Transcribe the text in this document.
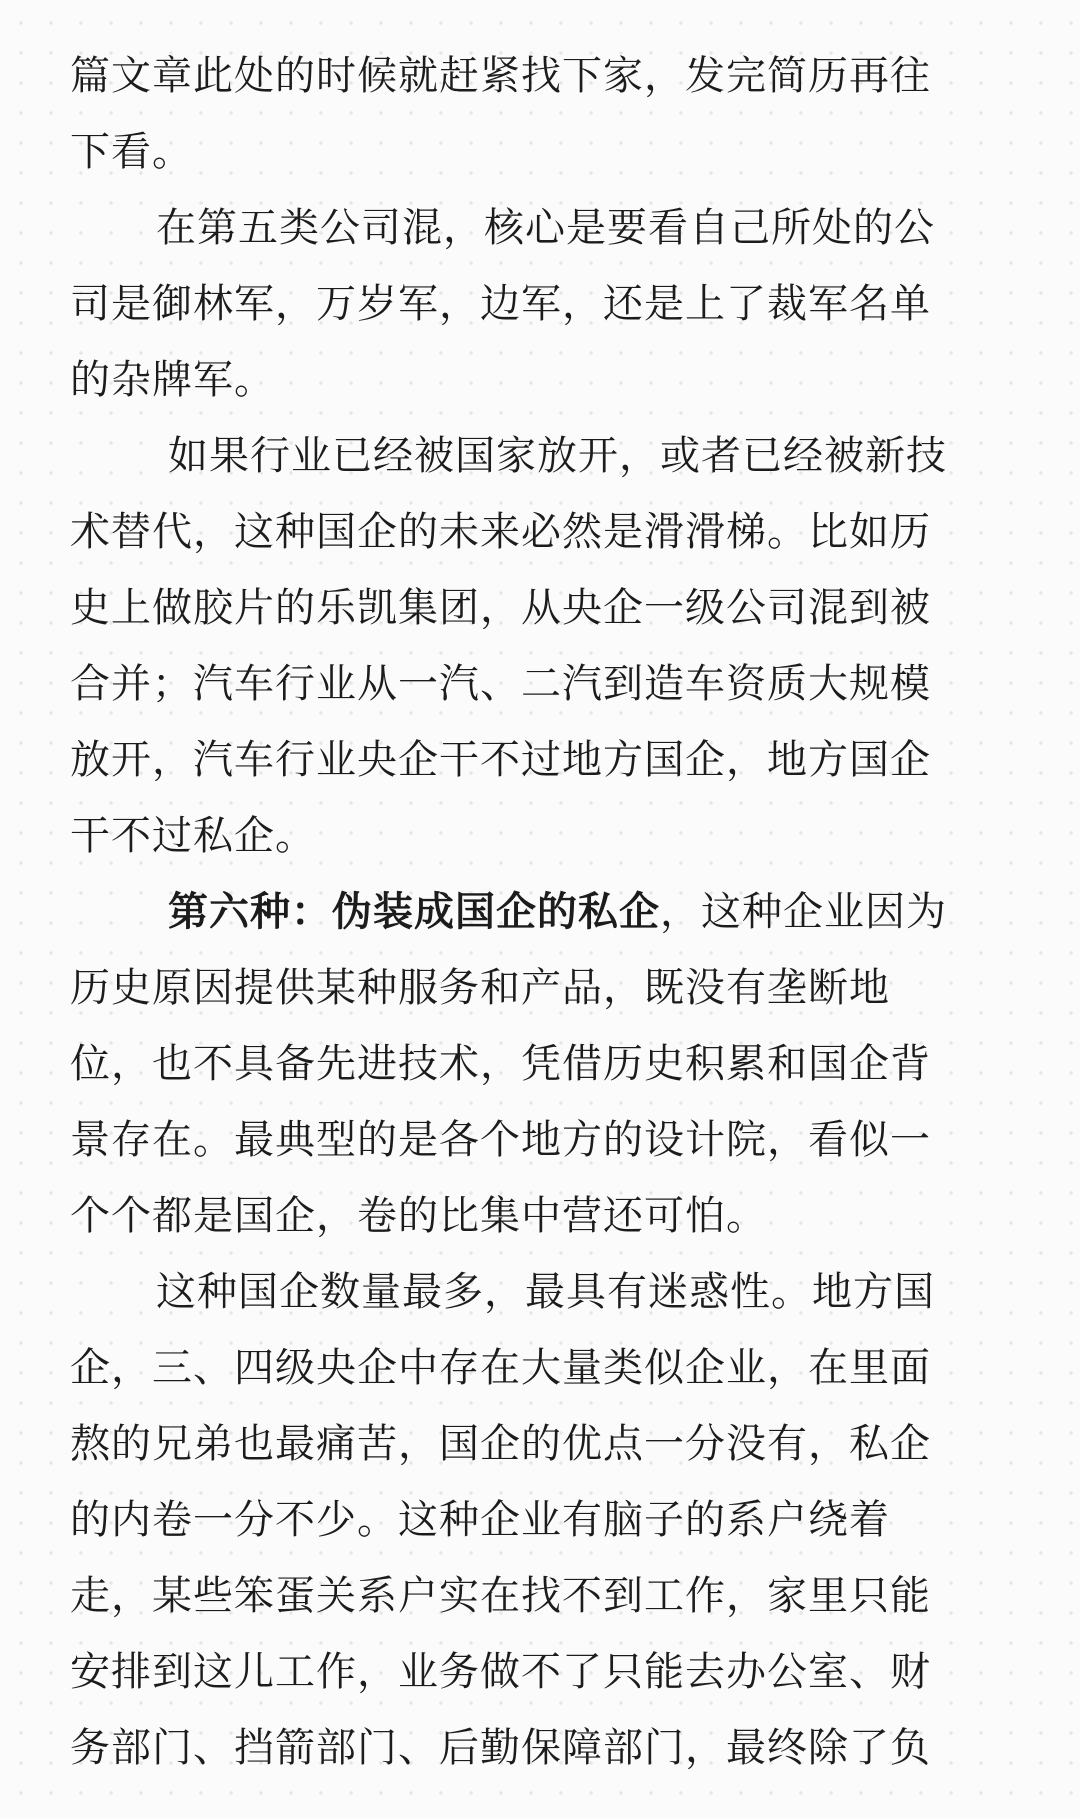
篇文章此处的时候就赶紧找下家，发完简历再往
下看。
在第五类公司混，核心是要看自己所处的公
司是御林军，万岁军，边军，还是上了裁军名单
的杂牌军。
如果行业已经被国家放开，或者已经被新技
术替代，这种国企的未来必然是滑滑梯。比如历
史上做胶片的乐凯集团，从央企一级公司混到被
合并；汽车行业从一汽、二汽到造车资质大规模
放开，汽车行业央企干不过地方国企，地方国企
干不过私企。
第六种：伪装成国企的私企，这种企业因为
历史原因提供某种服务和产品，既没有垄断地
位，也不具备先进技术，凭借历史积累和国企背
景存在。最典型的是各个地方的设计院，看似一
个个都是国企，卷的比集中营还可怕。
这种国企数量最多，最具有迷惑性。地方国
企，三、四级央企中存在大量类似企业，在里面
熬的兄弟也最痛苦，国企的优点一分没有，私企
的内卷一分不少。这种企业有脑子的系户绕着
走，某些笨蛋关系户实在找不到工作，家里只能
安排到这儿工作，业务做不了只能去办公室、财
务部门、挡箭部门、后勤保障部门，最终除了负
